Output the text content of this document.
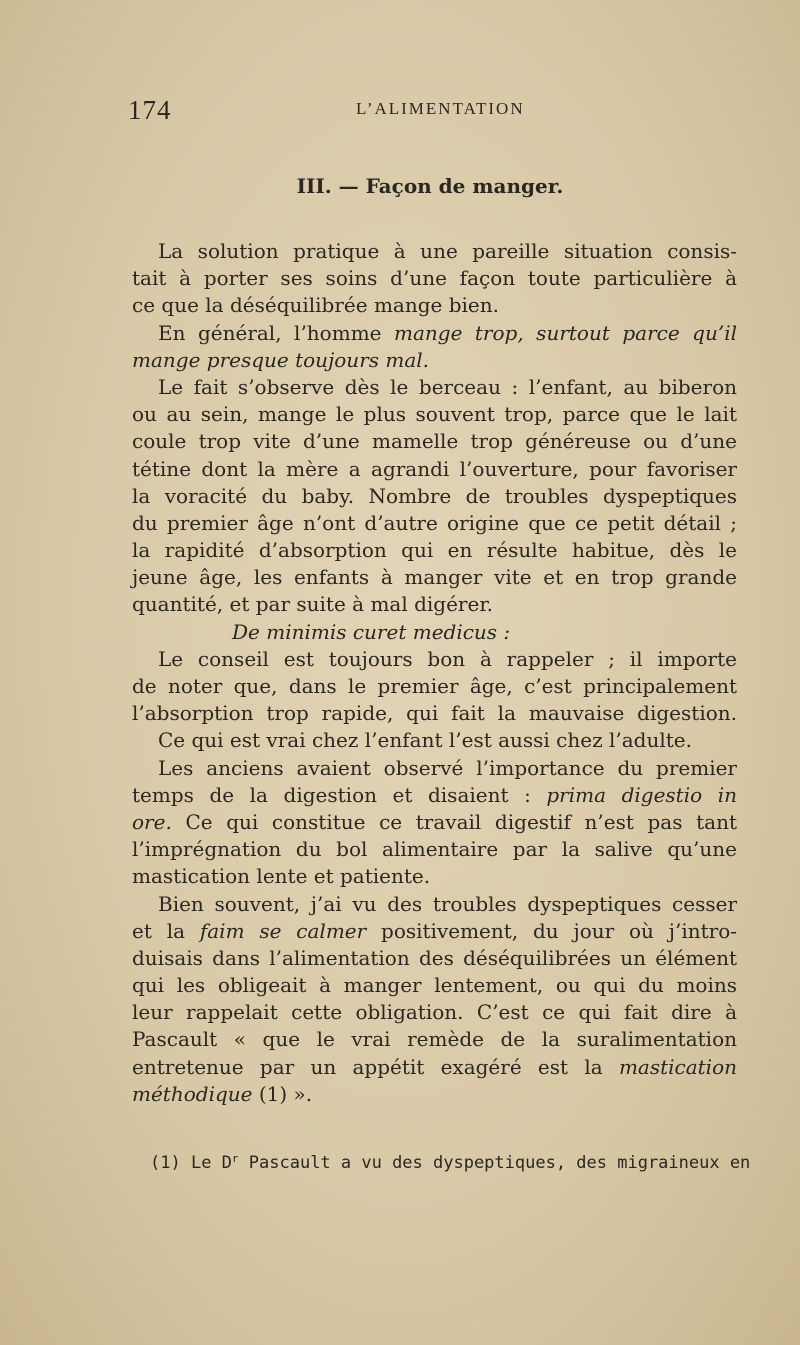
174	L’ALIMENTATION
III. — Façon de manger.
La solution pratique à une pareille situation consis-
tait à porter ses soins d’une façon toute particulière à
ce que la déséquilibrée mange bien.
En général, l’homme mange trop, surtout parce qu’il
mange presque toujours mal.
Le fait s’observe dès le berceau : l’enfant, au biberon
ou au sein, mange le plus souvent trop, parce que le lait
coule trop vite d’une mamelle trop généreuse ou d’une
tétine dont la mère a agrandi l’ouverture, pour favoriser
la voracité du baby. Nombre de troubles dyspeptiques
du premier âge n’ont d’autre origine que ce petit détail ;
la rapidité d’absorption qui en résulte habitue, dès le
jeune âge, les enfants à manger vite et en trop grande
quantité, et par suite à mal digérer.
De minimis curet medicus :
Le conseil est toujours bon à rappeler ; il importe
de noter que, dans le premier âge, c’est principalement
l’absorption trop rapide, qui fait la mauvaise digestion.
Ce qui est vrai chez l’enfant l’est aussi chez l’adulte.
Les anciens avaient observé l’importance du premier
temps de la digestion et disaient : prima digestio in
ore. Ce qui constitue ce travail digestif n’est pas tant
l’imprégnation du bol alimentaire par la salive qu’une
mastication lente et patiente.
Bien souvent, j’ai vu des troubles dyspeptiques cesser
et la faim se calmer positivement, du jour où j’intro-
duisais dans l’alimentation des déséquilibrées un élément
qui les obligeait à manger lentement, ou qui du moins
leur rappelait cette obligation. C’est ce qui fait dire à
Pascault « que le vrai remède de la suralimentation
entretenue par un appétit exagéré est la mastication
méthodique (1) ».
(1) Le $D^r$ Pascault a vu des dyspeptiques, des migraineux en
